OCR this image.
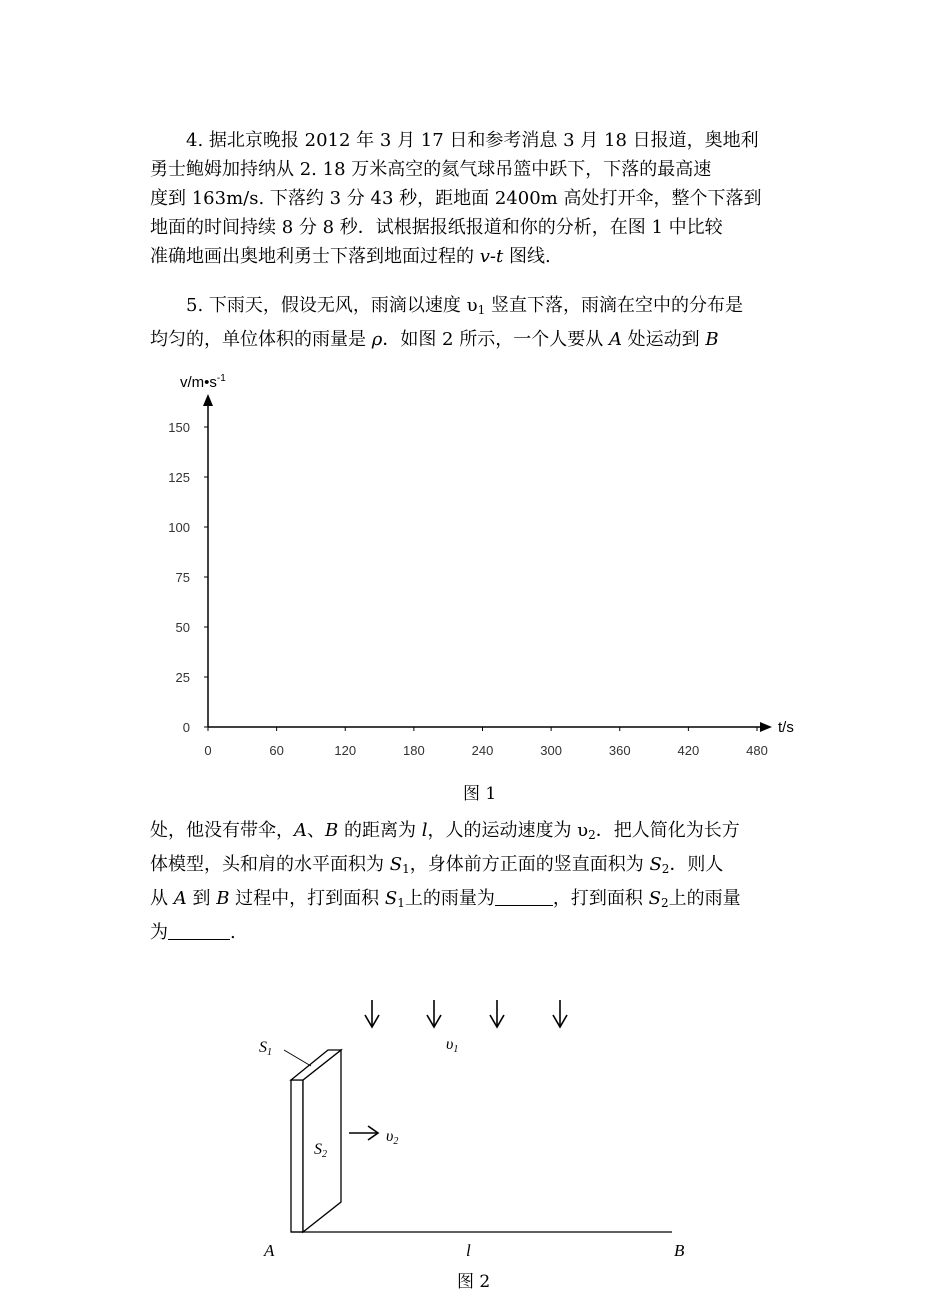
4. 据北京晚报 2012 年 3 月 17 日和参考消息 3 月 18 日报道，奥地利

勇士鲍姆加持纳从 2. 18 万米高空的氦气球吊篮中跃下，下落的最高速

度到 163m/s. 下落约 3 分 43 秒，距地面 2400m 高处打开伞，整个下落到

地面的时间持续 8 分 8 秒．试根据报纸报道和你的分析，在图 1 中比较

准确地画出奥地利勇士下落到地面过程的 v-t 图线.

5. 下雨天，假设无风，雨滴以速度 $\upsilon_1$ 竖直下落，雨滴在空中的分布是

均匀的，单位体积的雨量是 ρ．如图 2 所示，一个人要从 A 处运动到 B

0
25
50
75
100
125
150
0	60	120	180	240	300	360	420	480
t/s
$v/m•s^{-1}$
图 1

处，他没有带伞，A、B 的距离为 l，人的运动速度为 $\upsilon_2$．把人简化为长方

体模型，头和肩的水平面积为 $S_1$，身体前方正面的竖直面积为 $S_2$．则人

从 A 到 B 过程中，打到面积 $S_1$上的雨量为	，打到面积 $S_2$上的雨量

为	.

υ1
S1
S2
υ2
A	l	B
图 2
